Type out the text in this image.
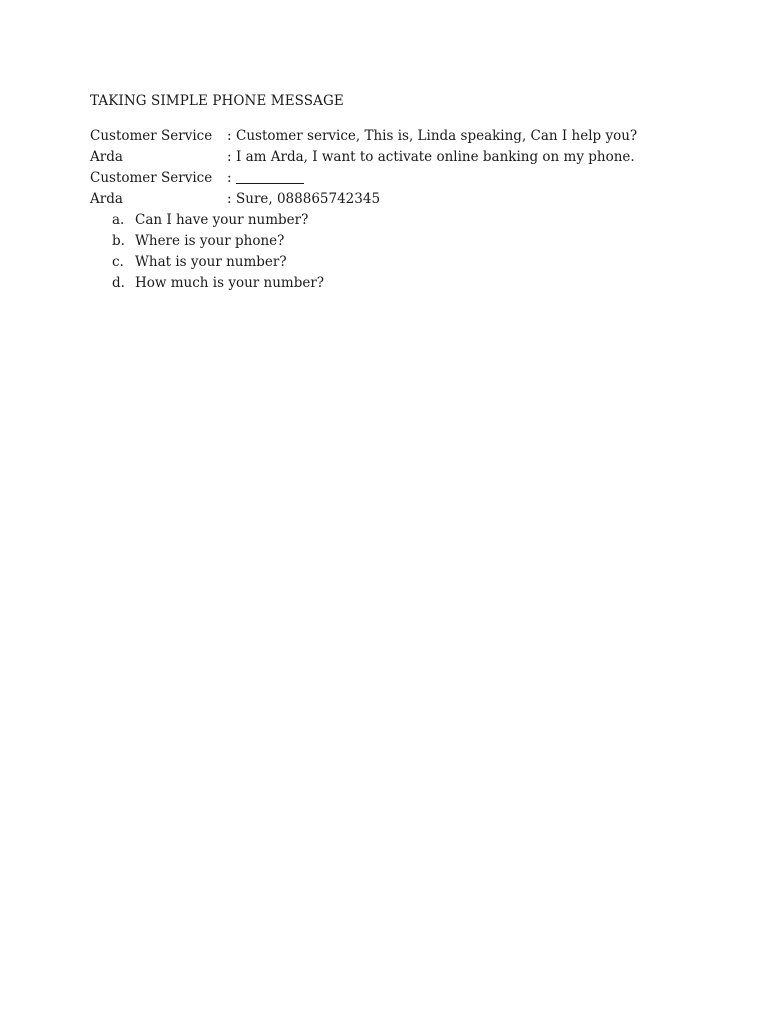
TAKING SIMPLE PHONE MESSAGE
Customer Service	: Customer service, This is, Linda speaking, Can I help you?
Arda	: I am Arda, I want to activate online banking on my phone.
Customer Service	:
Arda	: Sure, 088865742345
a. Can I have your number?
b. Where is your phone?
c. What is your number?
d. How much is your number?
